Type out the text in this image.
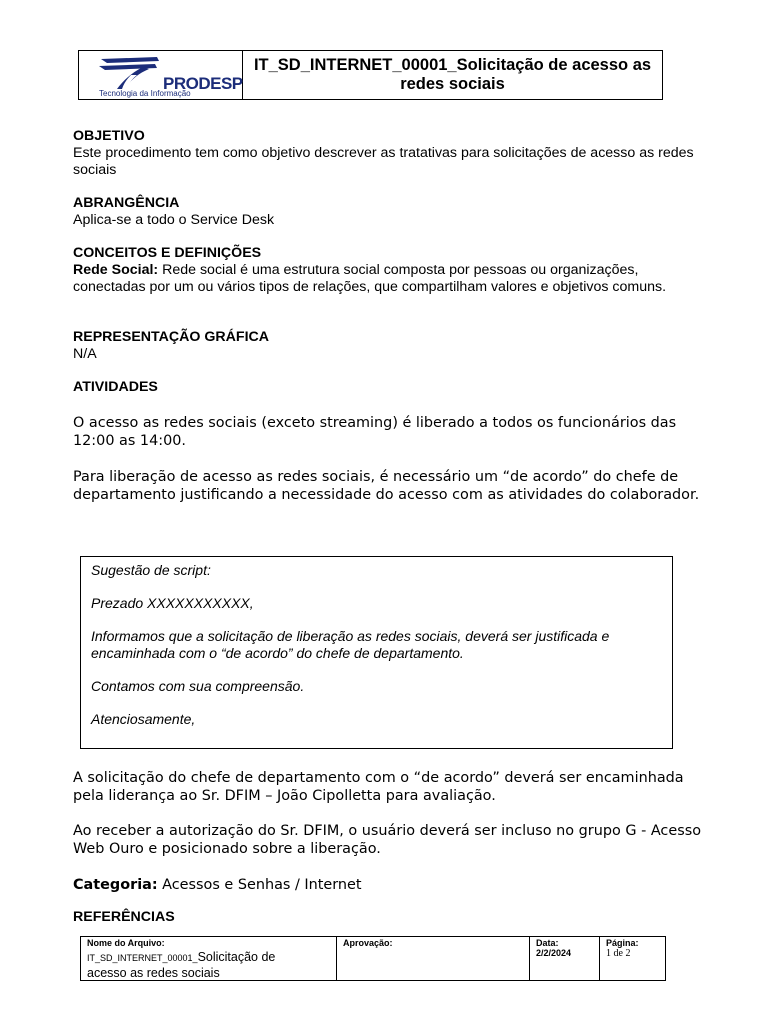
PRODESP
Tecnologia da Informação
IT_SD_INTERNET_00001_Solicitação de acesso as redes sociais
OBJETIVO

Este procedimento tem como objetivo descrever as tratativas para solicitações de acesso as redes sociais

ABRANGÊNCIA

Aplica-se a todo o Service Desk

CONCEITOS E DEFINIÇÕES

Rede Social: Rede social é uma estrutura social composta por pessoas ou organizações, conectadas por um ou vários tipos de relações, que compartilham valores e objetivos comuns.

REPRESENTAÇÃO GRÁFICA

N/A

ATIVIDADES

O acesso as redes sociais (exceto streaming) é liberado a todos os funcionários das 12:00 as 14:00.

Para liberação de acesso as redes sociais, é necessário um “de acordo” do chefe de departamento justificando a necessidade do acesso com as atividades do colaborador.

Sugestão de script:

Prezado XXXXXXXXXXX,

Informamos que a solicitação de liberação as redes sociais, deverá ser justificada e encaminhada com o “de acordo” do chefe de departamento.

Contamos com sua compreensão.

Atenciosamente,

A solicitação do chefe de departamento com o “de acordo” deverá ser encaminhada pela liderança ao Sr. DFIM – João Cipolletta para avaliação.

Ao receber a autorização do Sr. DFIM, o usuário deverá ser incluso no grupo G - Acesso Web Ouro e posicionado sobre a liberação.

Categoria: Acessos e Senhas / Internet

REFERÊNCIAS
Nome do Arquivo:
IT_SD_INTERNET_00001_Solicitação de
acesso as redes sociais
Aprovação:	Data:
2/2/2024
Página:
1 de 2
